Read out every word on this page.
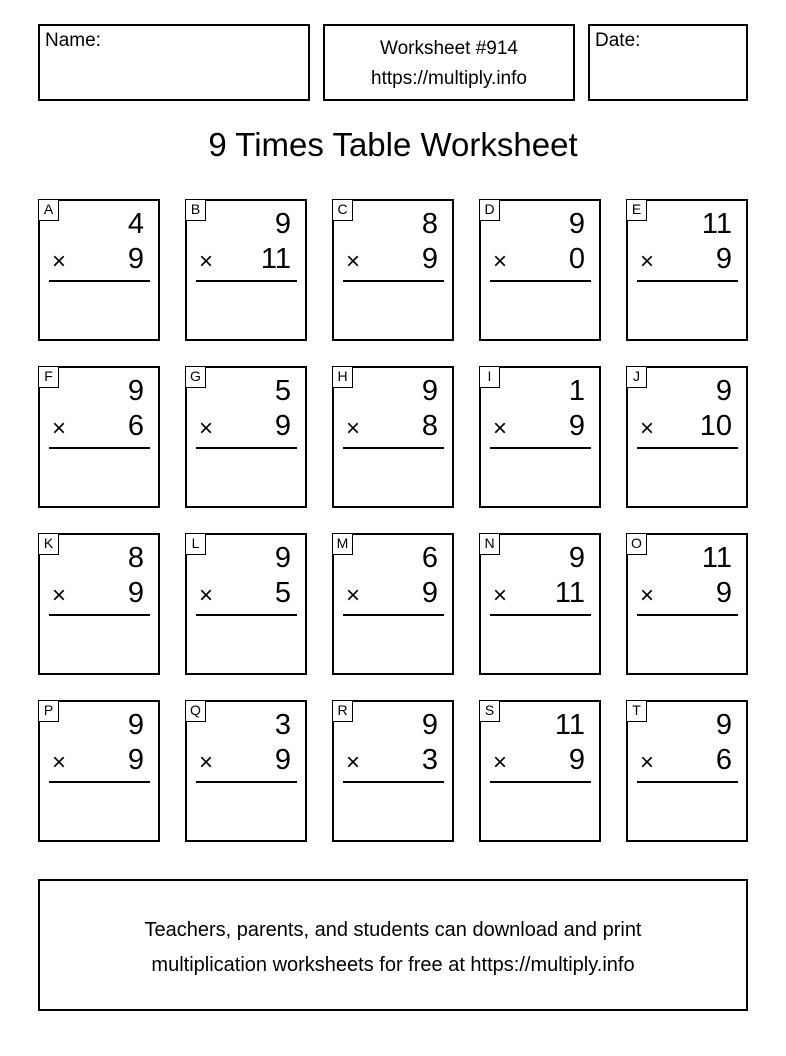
Name:	Worksheet #914
https://multiply.info
Date:
9 Times Table Worksheet
A	4
× 9
B	9
× 11
C	8
× 9
D	9
× 0
E 11
× 9
F	9
× 6
G	5
× 9
H	9
× 8
I	1
× 9
J	9
× 10
K	8
× 9
L	9
× 5
M	6
× 9
N	9
× 11
O 11
× 9
P	9
× 9
Q	3
× 9
R	9
× 3
S 11
× 9
T	9
× 6
Teachers, parents, and students can download and print
multiplication worksheets for free at https://multiply.info
